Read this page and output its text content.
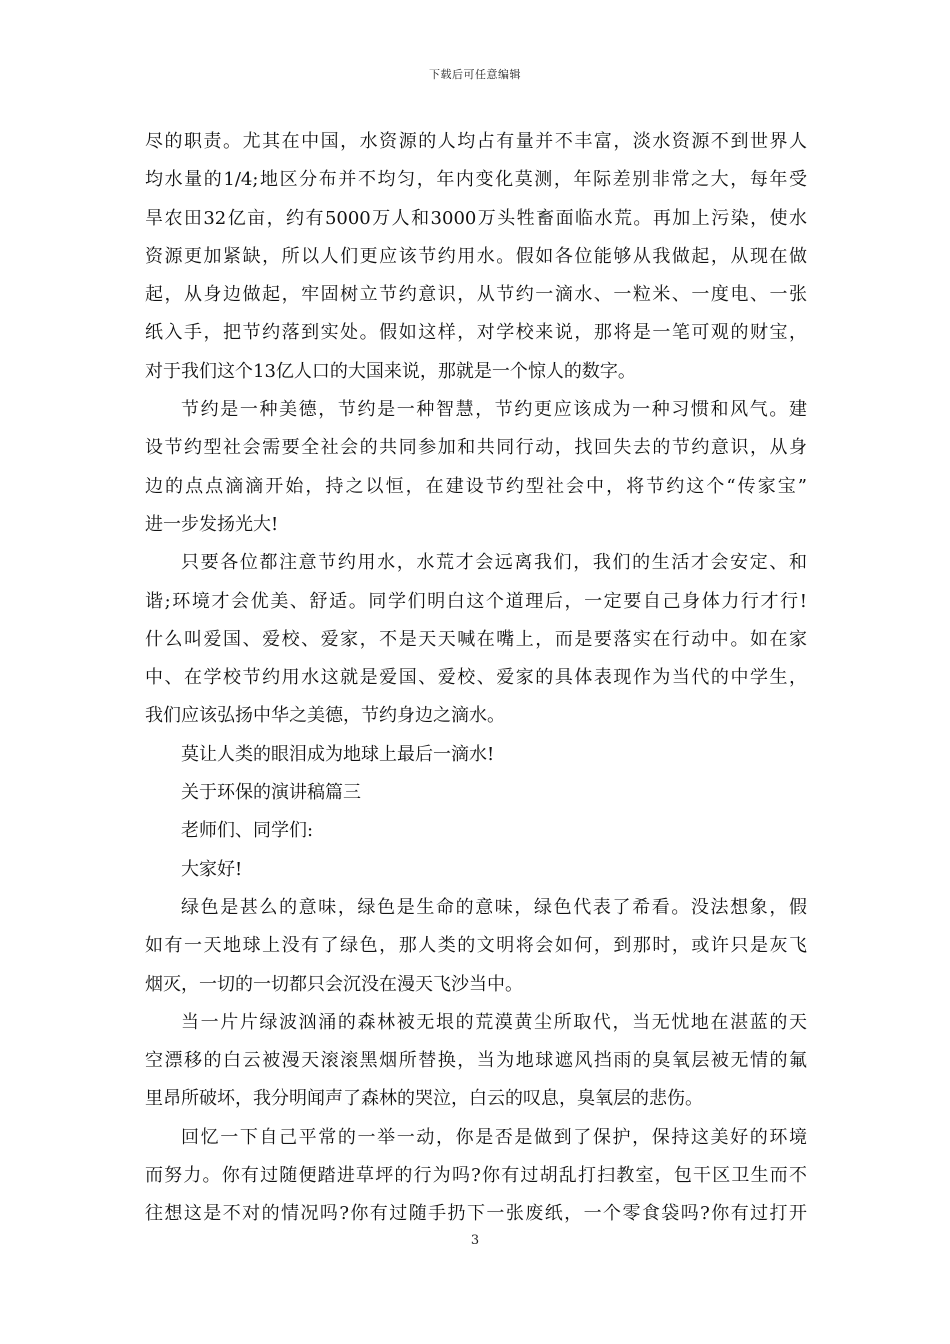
下载后可任意编辑
尽的职责。尤其在中国，水资源的人均占有量并不丰富，淡水资源不到世界人
均水量的1/4;地区分布并不均匀，年内变化莫测，年际差别非常之大，每年受
旱农田32亿亩，约有5000万人和3000万头牲畜面临水荒。再加上污染，使水
资源更加紧缺，所以人们更应该节约用水。假如各位能够从我做起，从现在做
起，从身边做起，牢固树立节约意识，从节约一滴水、一粒米、一度电、一张
纸入手，把节约落到实处。假如这样，对学校来说，那将是一笔可观的财宝，
对于我们这个13亿人口的大国来说，那就是一个惊人的数字。
节约是一种美德，节约是一种智慧，节约更应该成为一种习惯和风气。建
设节约型社会需要全社会的共同参加和共同行动，找回失去的节约意识，从身
边的点点滴滴开始，持之以恒，在建设节约型社会中，将节约这个“传家宝”
进一步发扬光大!
只要各位都注意节约用水，水荒才会远离我们，我们的生活才会安定、和
谐;环境才会优美、舒适。同学们明白这个道理后，一定要自己身体力行才行!
什么叫爱国、爱校、爱家，不是天天喊在嘴上，而是要落实在行动中。如在家
中、在学校节约用水这就是爱国、爱校、爱家的具体表现作为当代的中学生，
我们应该弘扬中华之美德，节约身边之滴水。
莫让人类的眼泪成为地球上最后一滴水!
关于环保的演讲稿篇三
老师们、同学们:
大家好!
绿色是甚么的意味，绿色是生命的意味，绿色代表了希看。没法想象，假
如有一天地球上没有了绿色，那人类的文明将会如何，到那时，或许只是灰飞
烟灭，一切的一切都只会沉没在漫天飞沙当中。
当一片片绿波汹涌的森林被无垠的荒漠黄尘所取代，当无忧地在湛蓝的天
空漂移的白云被漫天滚滚黑烟所替换，当为地球遮风挡雨的臭氧层被无情的氟
里昂所破坏，我分明闻声了森林的哭泣，白云的叹息，臭氧层的悲伤。
回忆一下自己平常的一举一动，你是否是做到了保护，保持这美好的环境
而努力。你有过随便踏进草坪的行为吗?你有过胡乱打扫教室，包干区卫生而不
往想这是不对的情况吗?你有过随手扔下一张废纸，一个零食袋吗?你有过打开
3
